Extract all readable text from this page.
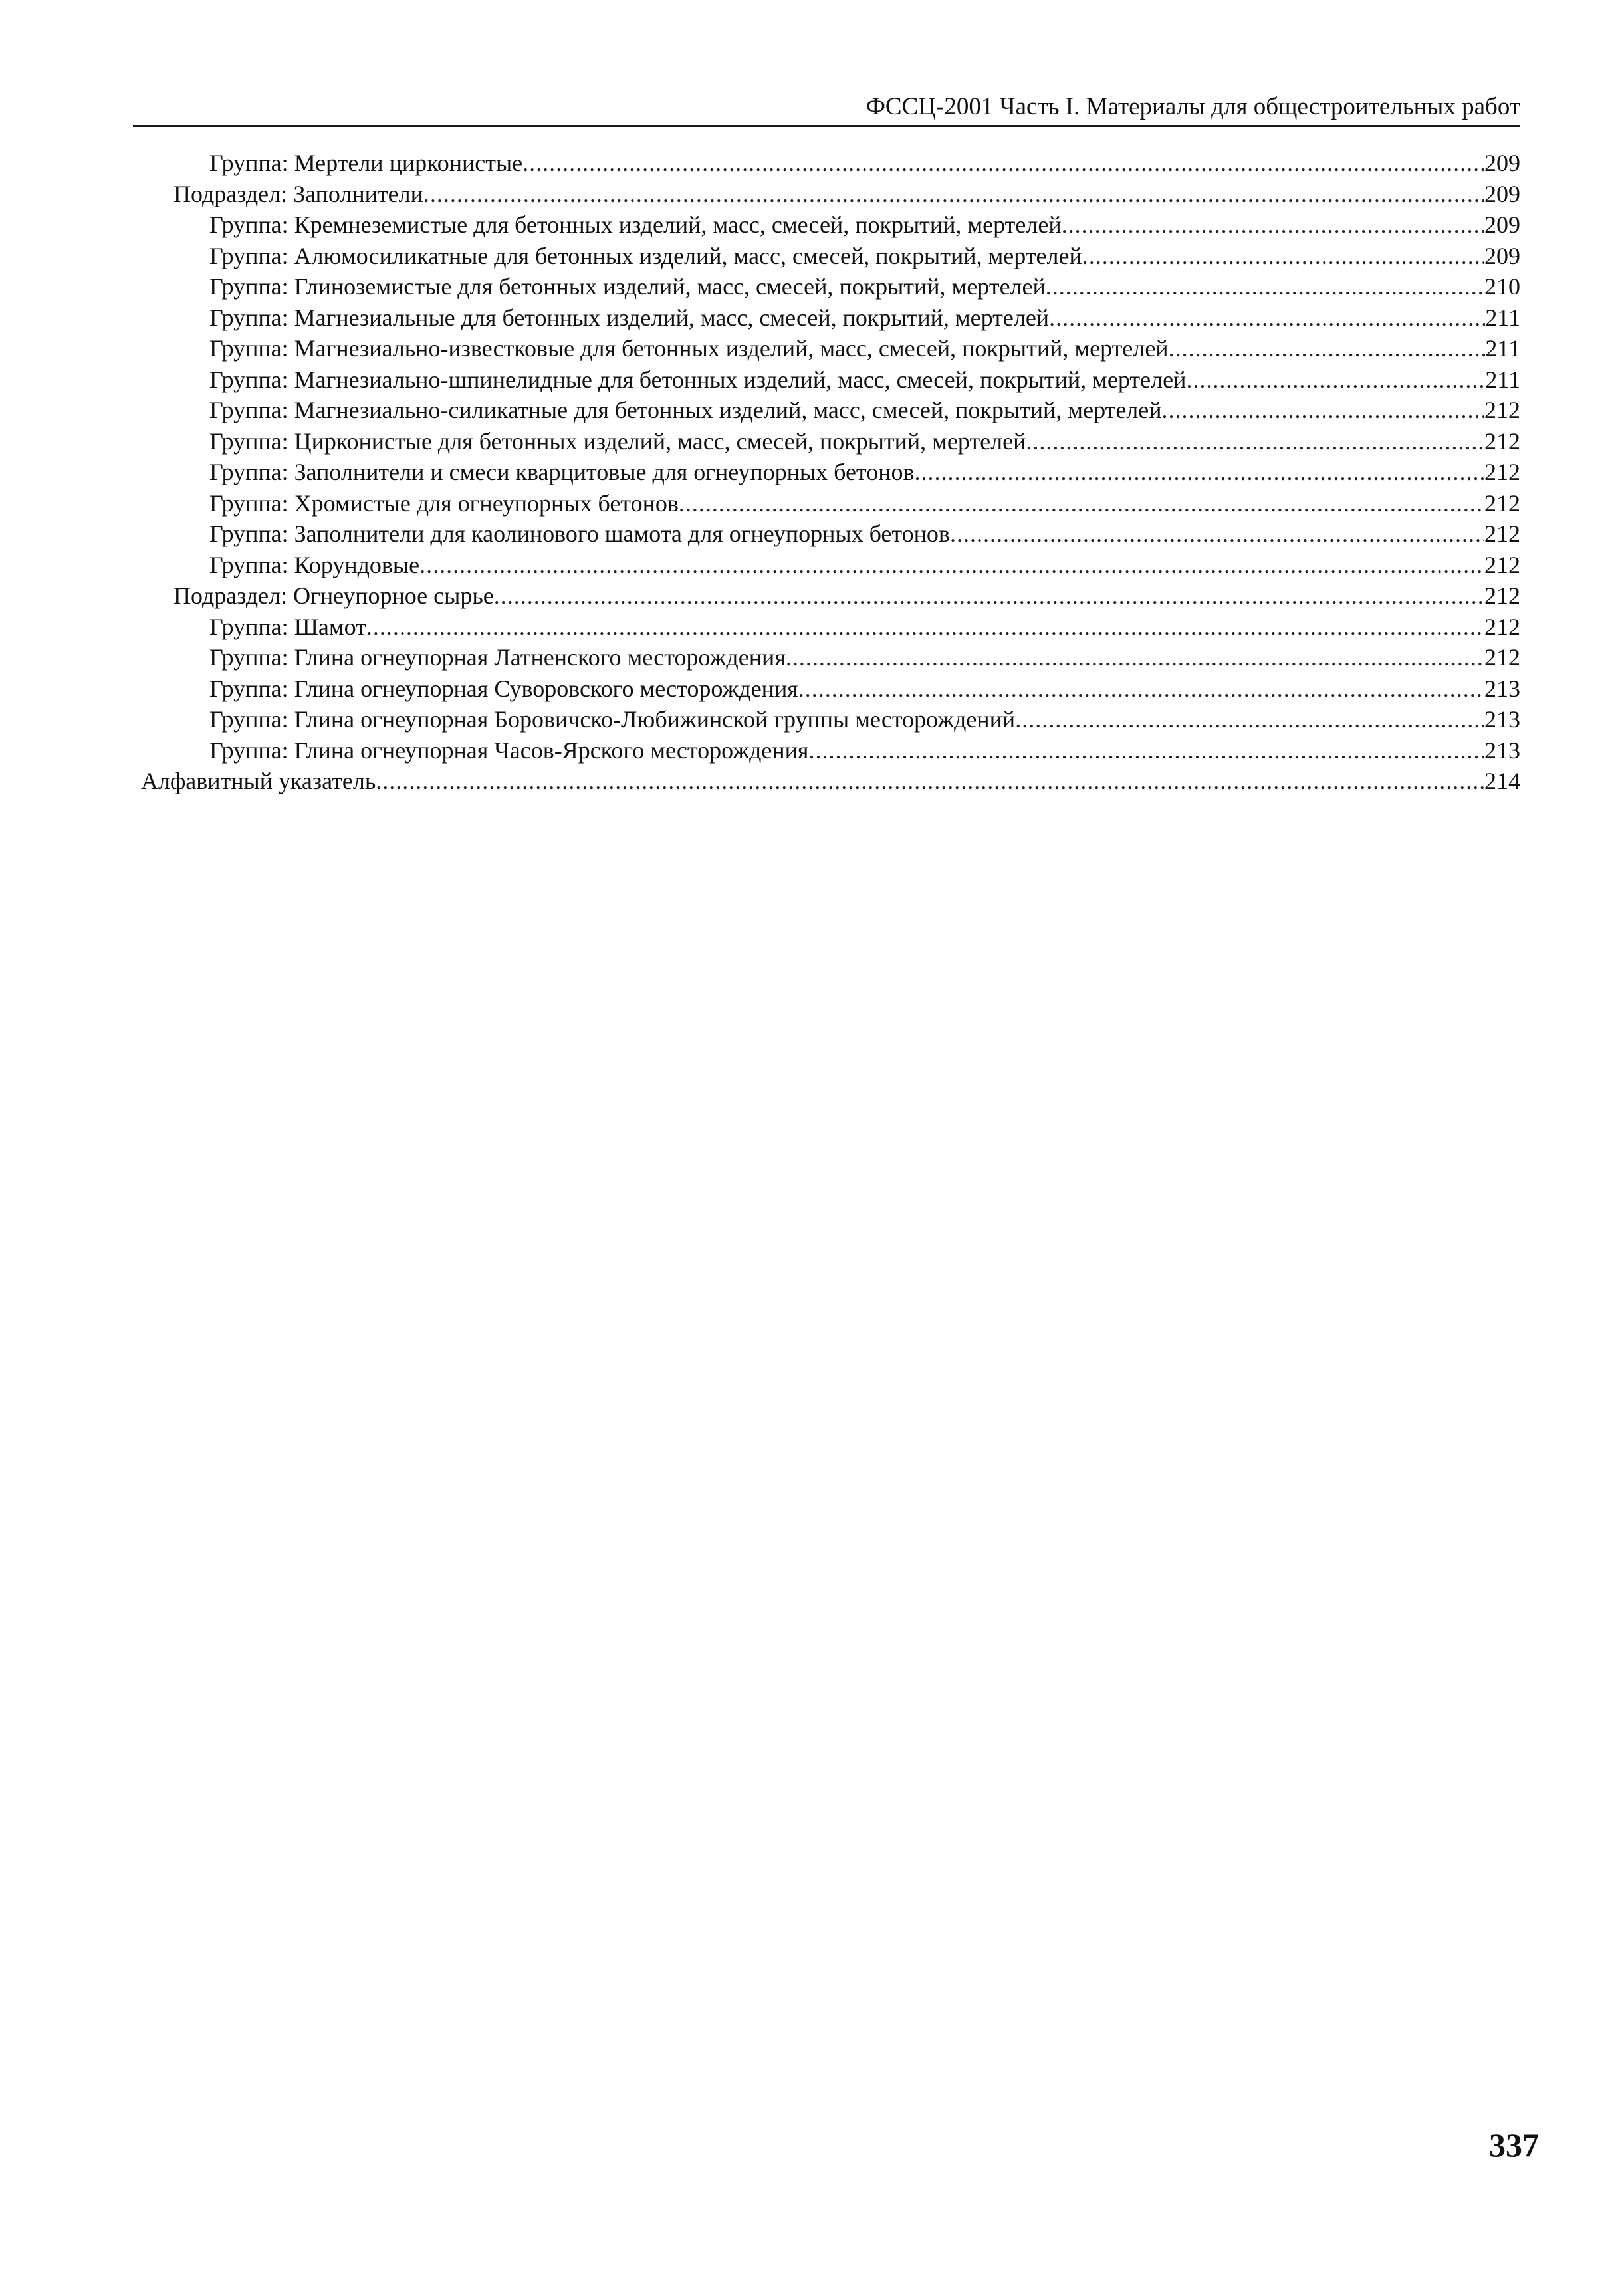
ФССЦ-2001 Часть I. Материалы для общестроительных работ
Группа: Мертели цирконистые .....	209
Подраздел: Заполнители .....	209
Группа: Кремнеземистые для бетонных изделий, масс, смесей, покрытий, мертелей .....	209
Группа: Алюмосиликатные для бетонных изделий, масс, смесей, покрытий, мертелей .....	209
Группа: Глиноземистые для бетонных изделий, масс, смесей, покрытий, мертелей .....	210
Группа: Магнезиальные для бетонных изделий, масс, смесей, покрытий, мертелей .....	211
Группа: Магнезиально-известковые для бетонных изделий, масс, смесей, покрытий, мертелей .....	211
Группа: Магнезиально-шпинелидные для бетонных изделий, масс, смесей, покрытий, мертелей .....	211
Группа: Магнезиально-силикатные для бетонных изделий, масс, смесей, покрытий, мертелей .....	212
Группа: Цирконистые для бетонных изделий, масс, смесей, покрытий, мертелей .....	212
Группа: Заполнители и смеси кварцитовые для огнеупорных бетонов .....	212
Группа: Хромистые для огнеупорных бетонов .....	212
Группа: Заполнители для каолинового шамота для огнеупорных бетонов .....	212
Группа: Корундовые .....	212
Подраздел: Огнеупорное сырье .....	212
Группа: Шамот .....	212
Группа: Глина огнеупорная Латненского месторождения .....	212
Группа: Глина огнеупорная Суворовского месторождения .....	213
Группа: Глина огнеупорная Боровичско-Любижинской группы месторождений .....	213
Группа: Глина огнеупорная Часов-Ярского месторождения .....	213
Алфавитный указатель .....	214
337
